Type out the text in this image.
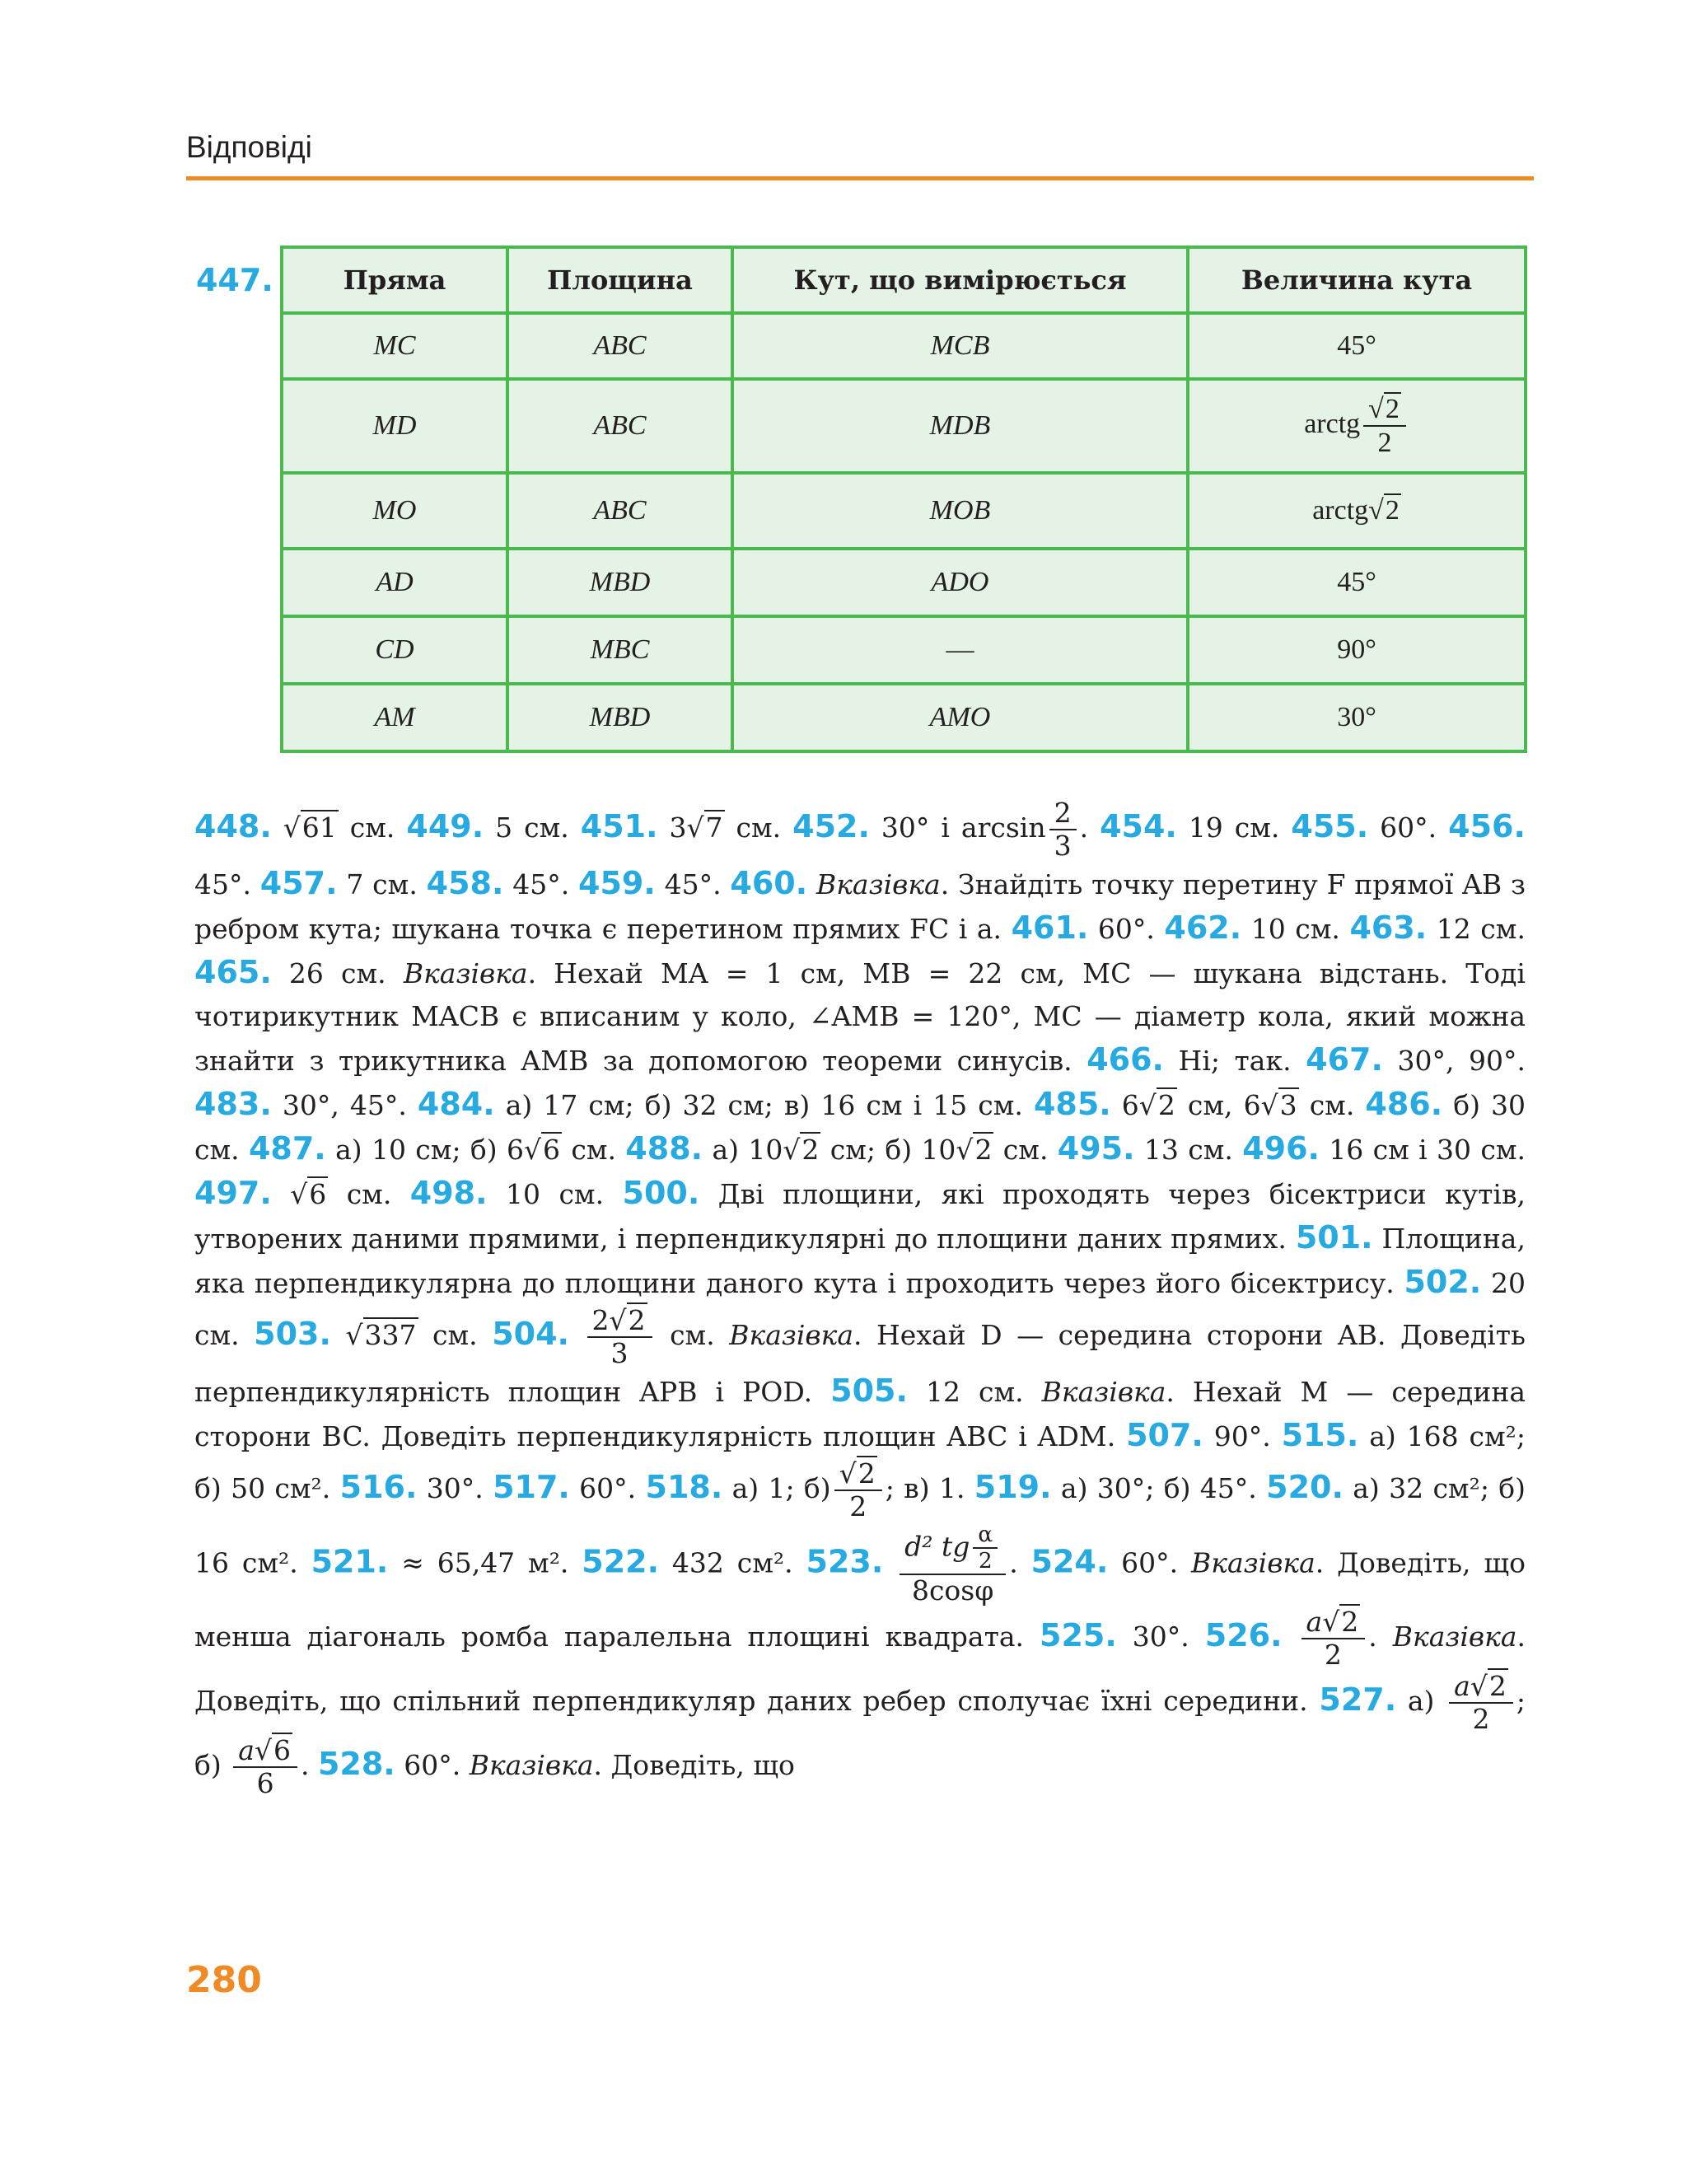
Відповіді
447.	Пряма	Площина	Кут, що вимірюється	Величина кута
MC	ABC	MCB	45°
MD	ABC	MDB	arctg $\frac{√2}{2}$

MO	ABC	MOB	arctg√2
AD	MBD	ADO	45°
CD	MBC	—	90°
AM	MBD	AMO	30°

448. √61 см. 449. 5 см. 451. 3√7 см. 452. 30° і $\arcsin \frac{2}{3}$ . 454. 19 см. 455. 60°. 456. 45°. 457. 7 см. 458. 45°. 459. 45°. 460. Вказівка. Знайдіть точку перетину F прямої AB з ребром кута; шукана точка є перетином прямих FC і a. 461. 60°. 462. 10 см. 463. 12 см. 465. 26 см. Вказівка. Нехай MA = 1 см, MB = 22 см, MC — шукана відстань. Тоді чотирикутник MACB є вписаним у коло, ∠AMB = 120°, MC — діаметр кола, який можна знайти з трикутника AMB за допомогою теореми синусів. 466. Ні; так. 467. 30°, 90°. 483. 30°, 45°. 484. а) 17 см; б) 32 см; в) 16 см і 15 см. 485. 6√2 см, 6√3 см. 486. б) 30 см. 487. а) 10 см; б) 6√6 см. 488. а) 10√2 см; б) 10√2 см. 495. 13 см. 496. 16 см і 30 см. 497. √6 см. 498. 10 см. 500. Дві площини, які проходять через бісектриси кутів, утворених даними прямими, і перпендикулярні до площини даних прямих. 501. Площина, яка перпендикулярна до площини даного кута і проходить через його бісектрису. 502. 20 см. 503. √337 см. 504. $\frac{2√2}{3}$ см. Вказівка. Нехай D — середина сторони AB. Доведіть перпендикулярність площин APB і POD. 505. 12 см. Вказівка. Нехай M — середина сторони BC. Доведіть перпендикулярність площин ABC і ADM. 507. 90°. 515. а) 168 см²; б) 50 см². 516. 30°. 517. 60°. 518. а) 1; $б) \frac{√2}{2}$ ; в) 1. 519. а) 30°; б) 45°. 520. а) 32 см²; б) 16 см². 521. ≈ 65,47 м². 522. 432 см². 523. $\frac{d^2 tg \frac{\alpha}{2}}{8\cos\varphi}$ . 524. 60°. Вказівка. Доведіть, що менша діагональ ромба паралельна площині квадрата. 525. 30°. 526. $\frac{a√2}{2}$ . Вказівка. Доведіть, що спільний перпендикуляр даних ребер сполучає їхні середини. 527. $а) \frac{a√2}{2}$ ; $б) \frac{a√6}{6}$ . 528. 60°. Вказівка. Доведіть, що

280
